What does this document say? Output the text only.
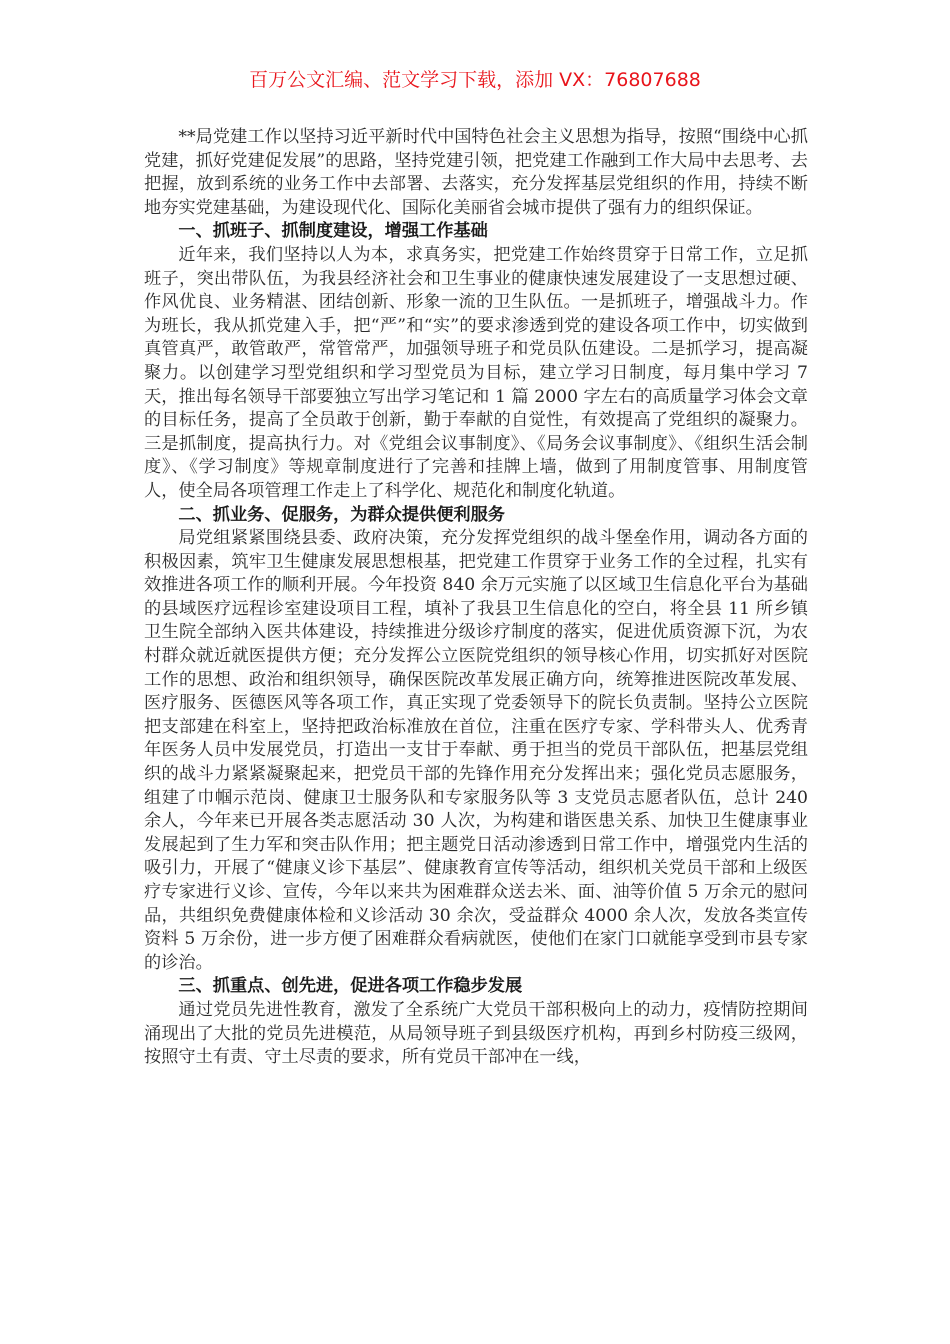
百万公文汇编、范文学习下载，添加 VX：76807688

**局党建工作以坚持习近平新时代中国特色社会主义思想为指导，按照“围绕中心抓党建，抓好党建促发展”的思路，坚持党建引领，把党建工作融到工作大局中去思考、去把握，放到系统的业务工作中去部署、去落实，充分发挥基层党组织的作用，持续不断地夯实党建基础，为建设现代化、国际化美丽省会城市提供了强有力的组织保证。

一、抓班子、抓制度建设，增强工作基础

近年来，我们坚持以人为本，求真务实，把党建工作始终贯穿于日常工作，立足抓班子，突出带队伍，为我县经济社会和卫生事业的健康快速发展建设了一支思想过硬、作风优良、业务精湛、团结创新、形象一流的卫生队伍。一是抓班子，增强战斗力。作为班长，我从抓党建入手，把“严”和“实”的要求渗透到党的建设各项工作中，切实做到真管真严，敢管敢严，常管常严，加强领导班子和党员队伍建设。二是抓学习，提高凝聚力。以创建学习型党组织和学习型党员为目标，建立学习日制度，每月集中学习 7 天，推出每名领导干部要独立写出学习笔记和 1 篇 2000 字左右的高质量学习体会文章的目标任务，提高了全员敢于创新，勤于奉献的自觉性，有效提高了党组织的凝聚力。三是抓制度，提高执行力。对《党组会议事制度》、《局务会议事制度》、《组织生活会制度》、《学习制度》等规章制度进行了完善和挂牌上墙，做到了用制度管事、用制度管人，使全局各项管理工作走上了科学化、规范化和制度化轨道。

二、抓业务、促服务，为群众提供便利服务

局党组紧紧围绕县委、政府决策，充分发挥党组织的战斗堡垒作用，调动各方面的积极因素，筑牢卫生健康发展思想根基，把党建工作贯穿于业务工作的全过程，扎实有效推进各项工作的顺利开展。今年投资 840 余万元实施了以区域卫生信息化平台为基础的县域医疗远程诊室建设项目工程，填补了我县卫生信息化的空白，将全县 11 所乡镇卫生院全部纳入医共体建设，持续推进分级诊疗制度的落实，促进优质资源下沉，为农村群众就近就医提供方便；充分发挥公立医院党组织的领导核心作用，切实抓好对医院工作的思想、政治和组织领导，确保医院改革发展正确方向，统筹推进医院改革发展、医疗服务、医德医风等各项工作，真正实现了党委领导下的院长负责制。坚持公立医院把支部建在科室上，坚持把政治标准放在首位，注重在医疗专家、学科带头人、优秀青年医务人员中发展党员，打造出一支甘于奉献、勇于担当的党员干部队伍，把基层党组织的战斗力紧紧凝聚起来，把党员干部的先锋作用充分发挥出来；强化党员志愿服务，组建了巾帼示范岗、健康卫士服务队和专家服务队等 3 支党员志愿者队伍，总计 240 余人，今年来已开展各类志愿活动 30 人次，为构建和谐医患关系、加快卫生健康事业发展起到了生力军和突击队作用；把主题党日活动渗透到日常工作中，增强党内生活的吸引力，开展了“健康义诊下基层”、健康教育宣传等活动，组织机关党员干部和上级医疗专家进行义诊、宣传，今年以来共为困难群众送去米、面、油等价值 5 万余元的慰问品，共组织免费健康体检和义诊活动 30 余次，受益群众 4000 余人次，发放各类宣传资料 5 万余份，进一步方便了困难群众看病就医，使他们在家门口就能享受到市县专家的诊治。

三、抓重点、创先进，促进各项工作稳步发展

通过党员先进性教育，激发了全系统广大党员干部积极向上的动力，疫情防控期间涌现出了大批的党员先进模范，从局领导班子到县级医疗机构，再到乡村防疫三级网，按照守土有责、守土尽责的要求，所有党员干部冲在一线，
